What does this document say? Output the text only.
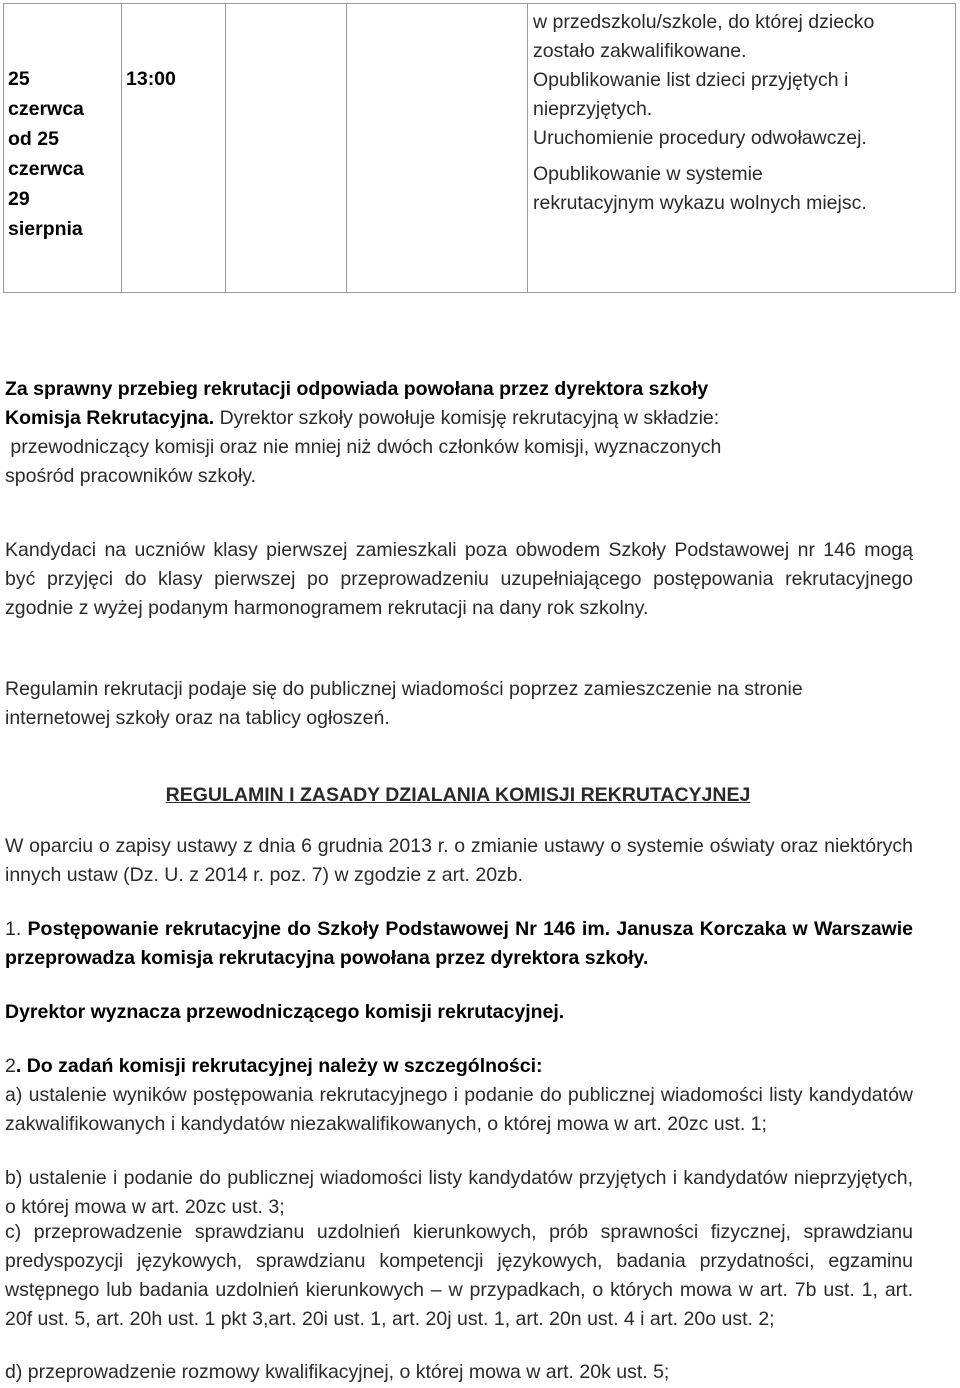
25
czerwca
od 25
czerwca
29
sierpnia
13:00
w przedszkolu/szkole, do której dziecko
zostało zakwalifikowane.
Opublikowanie list dzieci przyjętych i
nieprzyjętych.
Uruchomienie procedury odwoławczej.
Opublikowanie w systemie
rekrutacyjnym wykazu wolnych miejsc.
Za sprawny przebieg rekrutacji odpowiada powołana przez dyrektora szkoły
Komisja Rekrutacyjna. Dyrektor szkoły powołuje komisję rekrutacyjną w składzie:
przewodniczący komisji oraz nie mniej niż dwóch członków komisji, wyznaczonych
spośród pracowników szkoły.
Kandydaci na uczniów klasy pierwszej zamieszkali poza obwodem Szkoły Podstawowej nr 146 mogą być przyjęci do klasy pierwszej po przeprowadzeniu uzupełniającego postępowania rekrutacyjnego zgodnie z wyżej podanym harmonogramem rekrutacji na dany rok szkolny.
Regulamin rekrutacji podaje się do publicznej wiadomości poprzez zamieszczenie na stronie internetowej szkoły oraz na tablicy ogłoszeń.
REGULAMIN I ZASADY DZIALANIA KOMISJI REKRUTACYJNEJ
W oparciu o zapisy ustawy z dnia 6 grudnia 2013 r. o zmianie ustawy o systemie oświaty oraz niektórych innych ustaw (Dz. U. z 2014 r. poz. 7) w zgodzie z art. 20zb.
1. Postępowanie rekrutacyjne do Szkoły Podstawowej Nr 146 im. Janusza Korczaka w Warszawie przeprowadza komisja rekrutacyjna powołana przez dyrektora szkoły.
Dyrektor wyznacza przewodniczącego komisji rekrutacyjnej.
2. Do zadań komisji rekrutacyjnej należy w szczególności:
a) ustalenie wyników postępowania rekrutacyjnego i podanie do publicznej wiadomości listy kandydatów zakwalifikowanych i kandydatów niezakwalifikowanych, o której mowa w art. 20zc ust. 1;
b) ustalenie i podanie do publicznej wiadomości listy kandydatów przyjętych i kandydatów nieprzyjętych, o której mowa w art. 20zc ust. 3;
c) przeprowadzenie sprawdzianu uzdolnień kierunkowych, prób sprawności fizycznej, sprawdzianu predyspozycji językowych, sprawdzianu kompetencji językowych, badania przydatności, egzaminu wstępnego lub badania uzdolnień kierunkowych – w przypadkach, o których mowa w art. 7b ust. 1, art. 20f ust. 5, art. 20h ust. 1 pkt 3,art. 20i ust. 1, art. 20j ust. 1, art. 20n ust. 4 i art. 20o ust. 2;
d) przeprowadzenie rozmowy kwalifikacyjnej, o której mowa w art. 20k ust. 5;
